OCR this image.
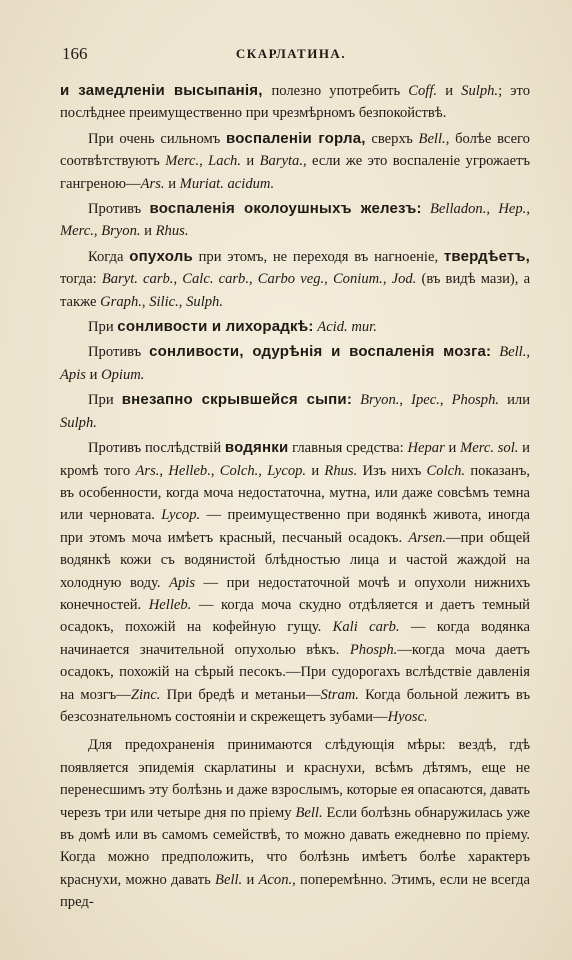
166	СКАРЛАТИНА.

и замедленіи высыпанія, полезно употребить Coff. и Sulph.; это послѣднее преимущественно при чрезмѣрномъ безпокойствѣ.

При очень сильномъ воспаленіи горла, сверхъ Bell., болѣе всего соотвѣтствуютъ Merc., Lach. и Baryta., если же это воспаленіе угрожаетъ гангреною—Ars. и Muriat. acidum.

Противъ воспаленія околоушныхъ железъ: Belladon., Hep., Merc., Bryon. и Rhus.

Когда опухоль при этомъ, не переходя въ нагноеніе, твердѣетъ, тогда: Baryt. carb., Calc. carb., Carbo veg., Conium., Jod. (въ видѣ мази), а также Graph., Silic., Sulph.

При сонливости и лихорадкѣ: Acid. mur.

Противъ сонливости, одурѣнія и воспаленія мозга: Bell., Apis и Opium.

При внезапно скрывшейся сыпи: Bryon., Ipec., Phosph. или Sulph.

Противъ послѣдствій водянки главныя средства: Hepar и Merc. sol. и кромѣ того Ars., Helleb., Colch., Lycop. и Rhus. Изъ нихъ Colch. показанъ, въ особенности, когда моча недостаточна, мутна, или даже совсѣмъ темна или черновата. Lycop. — преимущественно при водянкѣ живота, иногда при этомъ моча имѣетъ красный, песчаный осадокъ. Arsen.—при общей водянкѣ кожи съ водянистой блѣдностью лица и частой жаждой на холодную воду. Apis — при недостаточной мочѣ и опухоли нижнихъ конечностей. Helleb. — когда моча скудно отдѣляется и даетъ темный осадокъ, похожій на кофейную гущу. Kali carb. — когда водянка начинается значительной опухолью вѣкъ. Phosph.—когда моча даетъ осадокъ, похожій на сѣрый песокъ.—При судорогахъ вслѣдствіе давленія на мозгъ—Zinc. При бредѣ и метаньи—Stram. Когда больной лежитъ въ безсознательномъ состояніи и скрежещетъ зубами—Hyosc.

Для предохраненія принимаются слѣдующія мѣры: вездѣ, гдѣ появляется эпидемія скарлатины и краснухи, всѣмъ дѣтямъ, еще не перенесшимъ эту болѣзнь и даже взрослымъ, которые ея опасаются, давать черезъ три или четыре дня по пріему Bell. Если болѣзнь обнаружилась уже въ домѣ или въ самомъ семействѣ, то можно давать ежедневно по пріему. Когда можно предположить, что болѣзнь имѣетъ болѣе характеръ краснухи, можно давать Bell. и Acon., поперемѣнно. Этимъ, если не всегда пред-
